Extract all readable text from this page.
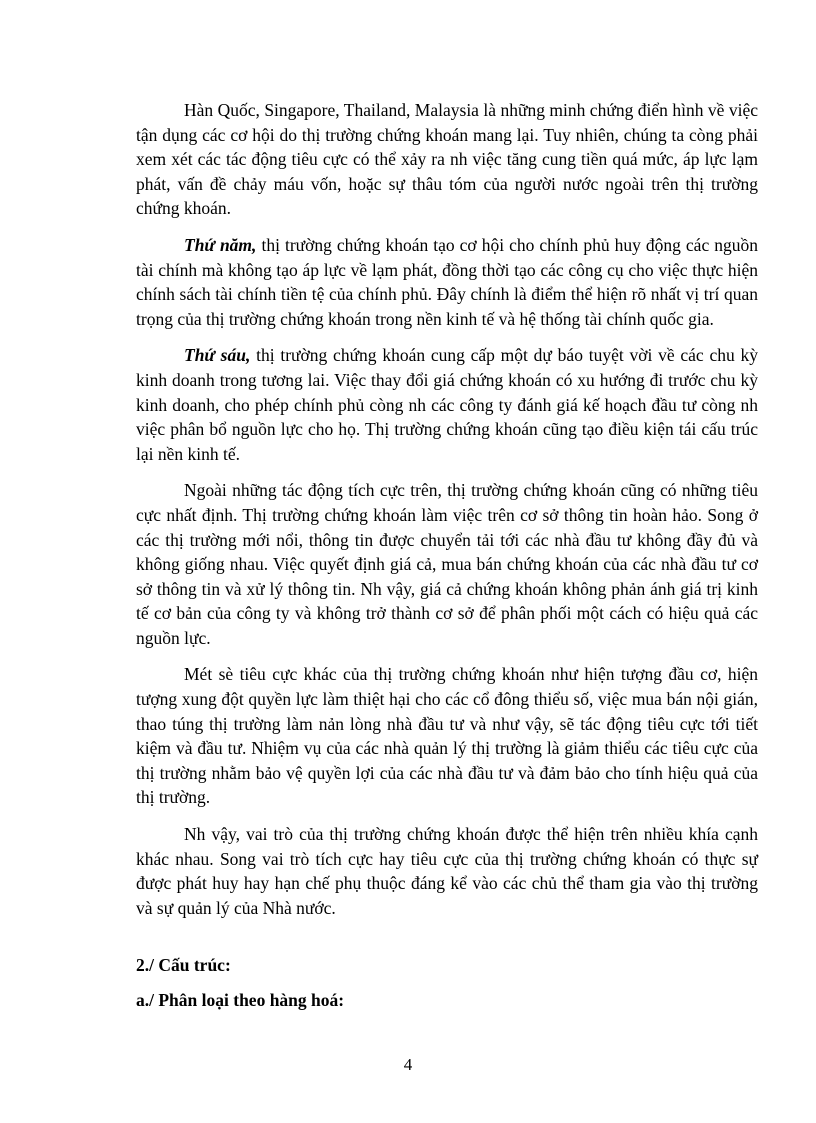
Hàn Quốc, Singapore, Thailand, Malaysia là những minh chứng điển hình về việc tận dụng các cơ hội do thị trường chứng khoán mang lại. Tuy nhiên, chúng ta còng phải xem xét các tác động tiêu cực có thể xảy ra nh việc tăng cung tiền quá mức, áp lực lạm phát, vấn đề chảy máu vốn, hoặc sự thâu tóm của người nước ngoài trên thị trường chứng khoán.

Thứ năm, thị trường chứng khoán tạo cơ hội cho chính phủ huy động các nguồn tài chính mà không tạo áp lực về lạm phát, đồng thời tạo các công cụ cho việc thực hiện chính sách tài chính tiền tệ của chính phủ. Đây chính là điểm thể hiện rõ nhất vị trí quan trọng của thị trường chứng khoán trong nền kinh tế và hệ thống tài chính quốc gia.

Thứ sáu, thị trường chứng khoán cung cấp một dự báo tuyệt vời về các chu kỳ kinh doanh trong tương lai. Việc thay đổi giá chứng khoán có xu hướng đi trước chu kỳ kinh doanh, cho phép chính phủ còng nh các công ty đánh giá kế hoạch đầu tư còng nh việc phân bổ nguồn lực cho họ. Thị trường chứng khoán cũng tạo điều kiện tái cấu trúc lại nền kinh tế.

Ngoài những tác động tích cực trên, thị trường chứng khoán cũng có những tiêu cực nhất định. Thị trường chứng khoán làm việc trên cơ sở thông tin hoàn hảo. Song ở các thị trường mới nổi, thông tin được chuyển tải tới các nhà đầu tư không đầy đủ và không giống nhau. Việc quyết định giá cả, mua bán chứng khoán của các nhà đầu tư cơ sở thông tin và xử lý thông tin. Nh vậy, giá cả chứng khoán không phản ánh giá trị kinh tế cơ bản của công ty và không trở thành cơ sở để phân phối một cách có hiệu quả các nguồn lực.

Mét sè tiêu cực khác của thị trường chứng khoán như hiện tượng đầu cơ, hiện tượng xung đột quyền lực làm thiệt hại cho các cổ đông thiểu số, việc mua bán nội gián, thao túng thị trường làm nản lòng nhà đầu tư và như vậy, sẽ tác động tiêu cực tới tiết kiệm và đầu tư. Nhiệm vụ của các nhà quản lý thị trường là giảm thiểu các tiêu cực của thị trường nhằm bảo vệ quyền lợi của các nhà đầu tư và đảm bảo cho tính hiệu quả của thị trường.

Nh vậy, vai trò của thị trường chứng khoán được thể hiện trên nhiều khía cạnh khác nhau. Song vai trò tích cực hay tiêu cực của thị trường chứng khoán có thực sự được phát huy hay hạn chế phụ thuộc đáng kể vào các chủ thể tham gia vào thị trường và sự quản lý của Nhà nước.

2./ Cấu trúc:

a./ Phân loại theo hàng hoá:

4
